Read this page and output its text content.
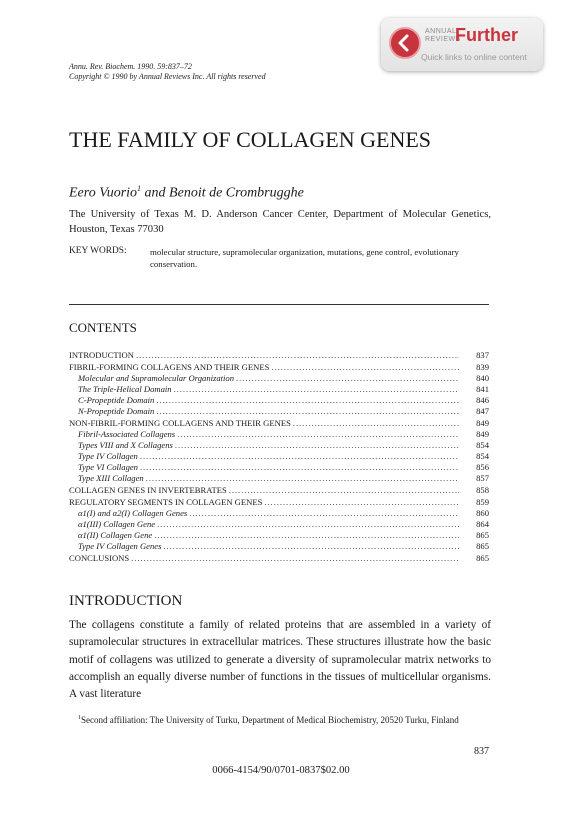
ANNUAL
REVIEWS
Further
Quick links to online content
Annu. Rev. Biochem. 1990. 59:837–72
Copyright © 1990 by Annual Reviews Inc. All rights reserved
THE FAMILY OF COLLAGEN GENES
Eero Vuorio$^1$ and Benoit de Crombrugghe
The University of Texas M. D. Anderson Cancer Center, Department of Molecular Genetics, Houston, Texas 77030
KEY WORDS:	molecular structure, supramolecular organization, mutations, gene control, evolutionary conservation.
CONTENTS
INTRODUCTION . . .	837
FIBRIL-FORMING COLLAGENS AND THEIR GENES . . .	839
Molecular and Supramolecular Organization . . .	840
The Triple-Helical Domain . . .	841
C-Propeptide Domain . . .	846
N-Propeptide Domain . . .	847
NON-FIBRIL-FORMING COLLAGENS AND THEIR GENES . . .	849
Fibril-Associated Collagens . . .	849
Types VIII and X Collagens . . .	854
Type IV Collagen . . .	854
Type VI Collagen . . .	856
Type XIII Collagen . . .	857
COLLAGEN GENES IN INVERTEBRATES . . .	858
REGULATORY SEGMENTS IN COLLAGEN GENES . . .	859
α1(I) and α2(I) Collagen Genes . . .	860
α1(III) Collagen Gene . . .	864
α1(II) Collagen Gene . . .	865
Type IV Collagen Genes . . .	865
CONCLUSIONS . . .	865
INTRODUCTION
The collagens constitute a family of related proteins that are assembled in a variety of supramolecular structures in extracellular matrices. These structures illustrate how the basic motif of collagens was utilized to generate a diversity of supramolecular matrix networks to accomplish an equally diverse number of functions in the tissues of multicellular organisms. A vast literature
$^1$Second affiliation: The University of Turku, Department of Medical Biochemistry, 20520 Turku, Finland
837
0066-4154/90/0701-0837$02.00
